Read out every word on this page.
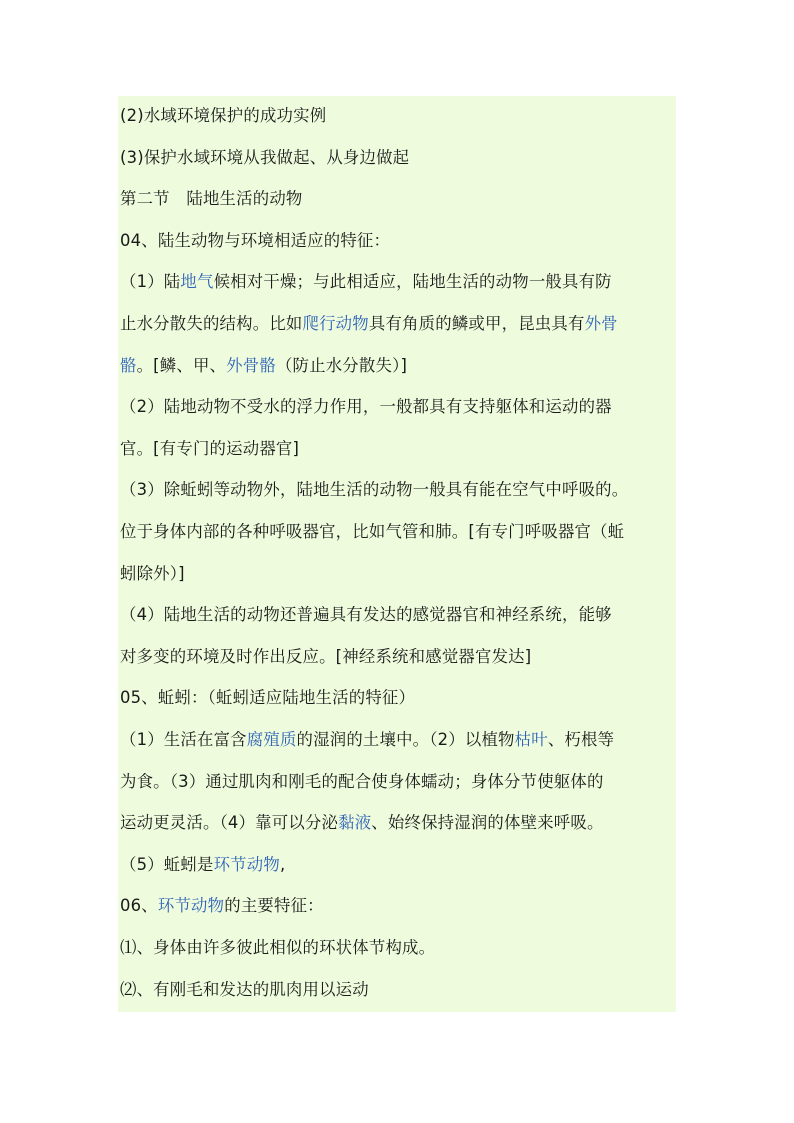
(2)水域环境保护的成功实例
(3)保护水域环境从我做起、从身边做起
第二节　陆地生活的动物
04、陆生动物与环境相适应的特征：
（1）陆地气候相对干燥；与此相适应，陆地生活的动物一般具有防
止水分散失的结构。比如爬行动物具有角质的鳞或甲，昆虫具有外骨
骼。[鳞、甲、外骨骼（防止水分散失）]
（2）陆地动物不受水的浮力作用，一般都具有支持躯体和运动的器
官。[有专门的运动器官]
（3）除蚯蚓等动物外，陆地生活的动物一般具有能在空气中呼吸的。
位于身体内部的各种呼吸器官，比如气管和肺。[有专门呼吸器官（蚯
蚓除外）]
（4）陆地生活的动物还普遍具有发达的感觉器官和神经系统，能够
对多变的环境及时作出反应。[神经系统和感觉器官发达]
05、蚯蚓：（蚯蚓适应陆地生活的特征）
（1）生活在富含腐殖质的湿润的土壤中。（2）以植物枯叶、朽根等
为食。（3）通过肌肉和刚毛的配合使身体蠕动；身体分节使躯体的
运动更灵活。（4）靠可以分泌黏液、始终保持湿润的体壁来呼吸。
（5）蚯蚓是环节动物,
06、环节动物的主要特征：
⑴、身体由许多彼此相似的环状体节构成。
⑵、有刚毛和发达的肌肉用以运动
